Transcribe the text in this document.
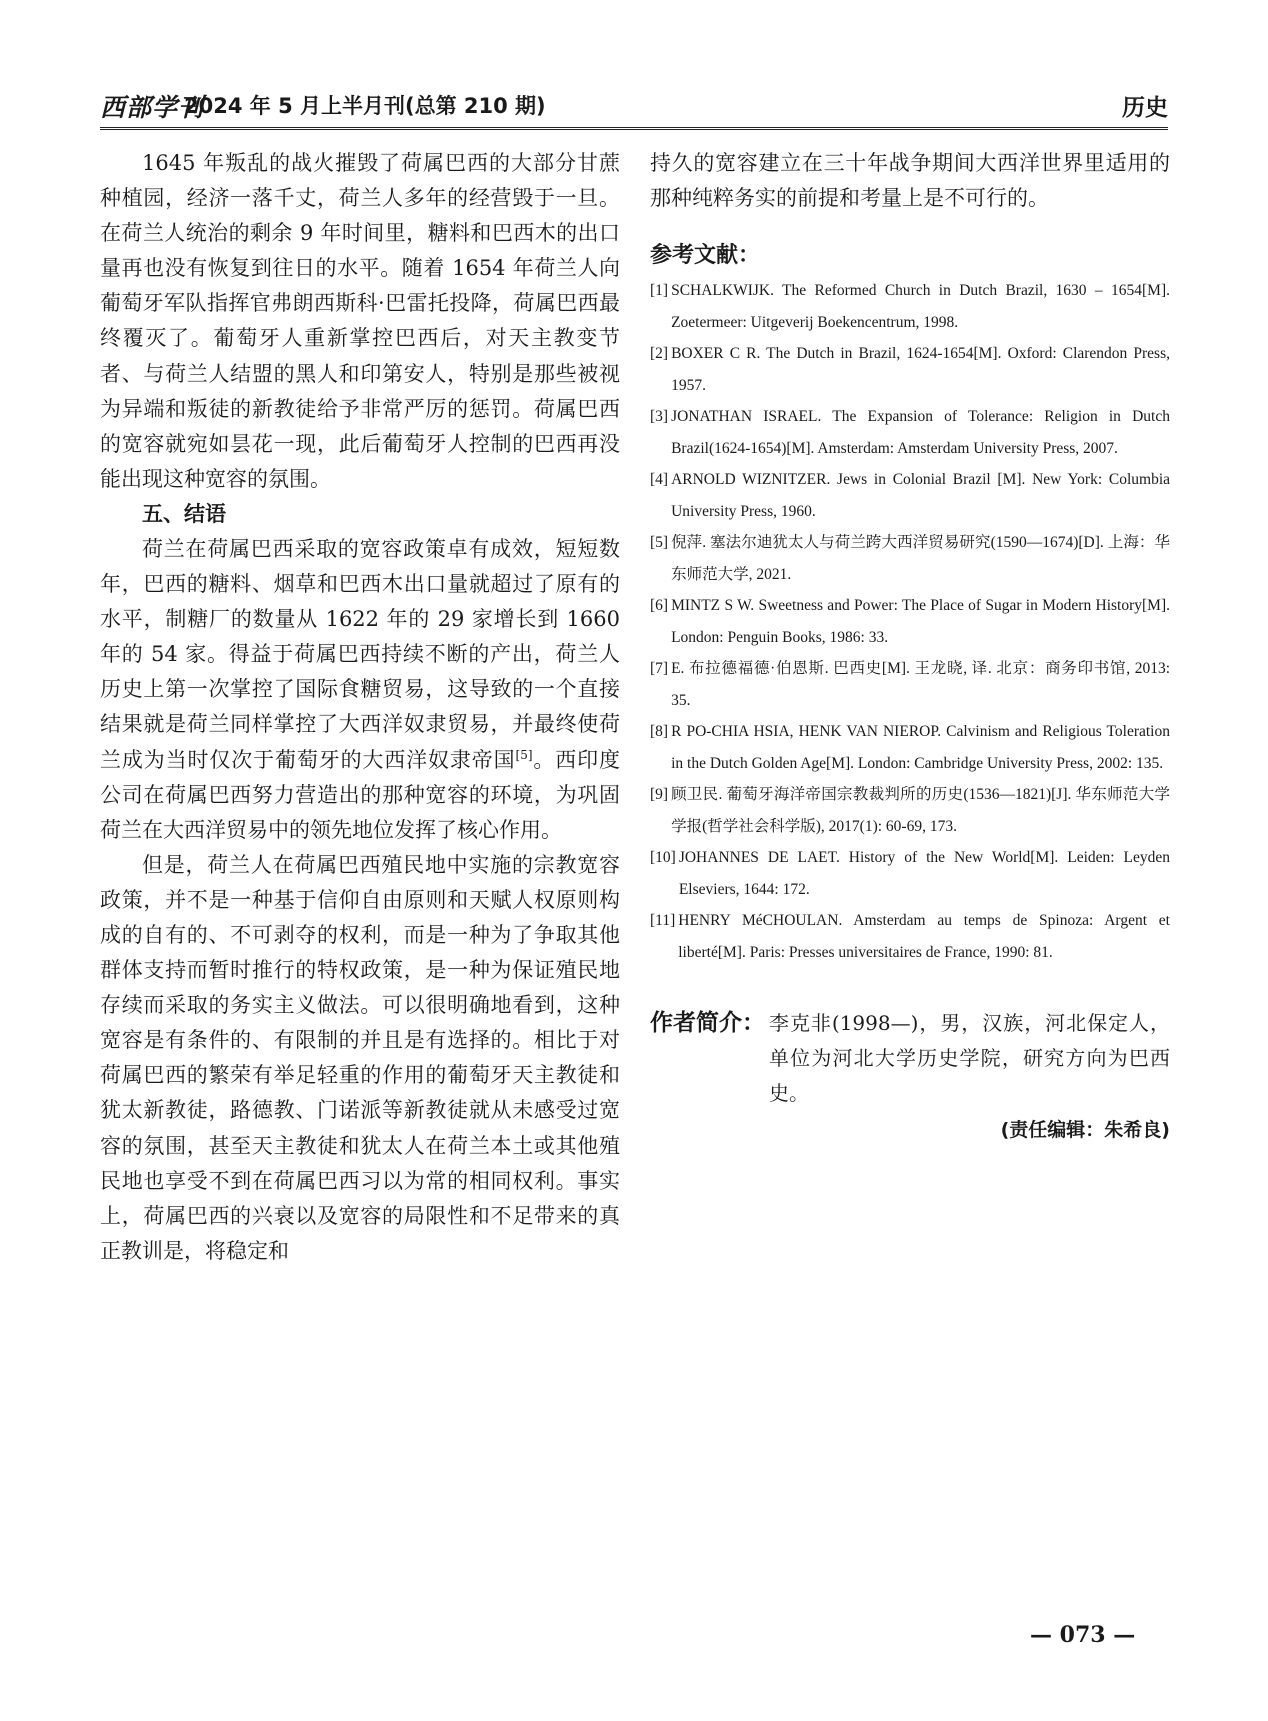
西部学刊
2024 年 5 月上半月刊(总第 210 期)	历史

1645 年叛乱的战火摧毁了荷属巴西的大部分甘蔗种植园，经济一落千丈，荷兰人多年的经营毁于一旦。在荷兰人统治的剩余 9 年时间里，糖料和巴西木的出口量再也没有恢复到往日的水平。随着 1654 年荷兰人向葡萄牙军队指挥官弗朗西斯科·巴雷托投降，荷属巴西最终覆灭了。葡萄牙人重新掌控巴西后，对天主教变节者、与荷兰人结盟的黑人和印第安人，特别是那些被视为异端和叛徒的新教徒给予非常严厉的惩罚。荷属巴西的宽容就宛如昙花一现，此后葡萄牙人控制的巴西再没能出现这种宽容的氛围。

五、结语

荷兰在荷属巴西采取的宽容政策卓有成效，短短数年，巴西的糖料、烟草和巴西木出口量就超过了原有的水平，制糖厂的数量从 1622 年的 29 家增长到 1660 年的 54 家。得益于荷属巴西持续不断的产出，荷兰人历史上第一次掌控了国际食糖贸易，这导致的一个直接结果就是荷兰同样掌控了大西洋奴隶贸易，并最终使荷兰成为当时仅次于葡萄牙的大西洋奴隶帝国[5]。西印度公司在荷属巴西努力营造出的那种宽容的环境，为巩固荷兰在大西洋贸易中的领先地位发挥了核心作用。

但是，荷兰人在荷属巴西殖民地中实施的宗教宽容政策，并不是一种基于信仰自由原则和天赋人权原则构成的自有的、不可剥夺的权利，而是一种为了争取其他群体支持而暂时推行的特权政策，是一种为保证殖民地存续而采取的务实主义做法。可以很明确地看到，这种宽容是有条件的、有限制的并且是有选择的。相比于对荷属巴西的繁荣有举足轻重的作用的葡萄牙天主教徒和犹太新教徒，路德教、门诺派等新教徒就从未感受过宽容的氛围，甚至天主教徒和犹太人在荷兰本土或其他殖民地也享受不到在荷属巴西习以为常的相同权利。事实上，荷属巴西的兴衰以及宽容的局限性和不足带来的真正教训是，将稳定和

持久的宽容建立在三十年战争期间大西洋世界里适用的那种纯粹务实的前提和考量上是不可行的。

参考文献：
[1] SCHALKWIJK. The Reformed Church in Dutch Brazil, 1630 – 1654[M]. Zoetermeer: Uitgeverij Boekencentrum, 1998.
[2] BOXER C R. The Dutch in Brazil, 1624-1654[M]. Oxford: Clarendon Press, 1957.
[3] JONATHAN ISRAEL. The Expansion of Tolerance: Religion in Dutch Brazil(1624-1654)[M]. Amsterdam: Amsterdam University Press, 2007.
[4] ARNOLD WIZNITZER. Jews in Colonial Brazil [M]. New York: Columbia University Press, 1960.
[5] 倪萍. 塞法尔迪犹太人与荷兰跨大西洋贸易研究(1590—1674)[D]. 上海：华东师范大学, 2021.
[6] MINTZ S W. Sweetness and Power: The Place of Sugar in Modern History[M]. London: Penguin Books, 1986: 33.
[7] E. 布拉德福德·伯恩斯. 巴西史[M]. 王龙晓, 译. 北京：商务印书馆, 2013: 35.
[8] R PO-CHIA HSIA, HENK VAN NIEROP. Calvinism and Religious Toleration in the Dutch Golden Age[M]. London: Cambridge University Press, 2002: 135.
[9] 顾卫民. 葡萄牙海洋帝国宗教裁判所的历史(1536—1821)[J]. 华东师范大学学报(哲学社会科学版), 2017(1): 60-69, 173.
[10] JOHANNES DE LAET. History of the New World[M]. Leiden: Leyden Elseviers, 1644: 172.
[11] HENRY MéCHOULAN. Amsterdam au temps de Spinoza: Argent et liberté[M]. Paris: Presses universitaires de France, 1990: 81.
作者简介： 李克非(1998—)，男，汉族，河北保定人，单位为河北大学历史学院，研究方向为巴西史。
(责任编辑：朱希良)
— 073 —
